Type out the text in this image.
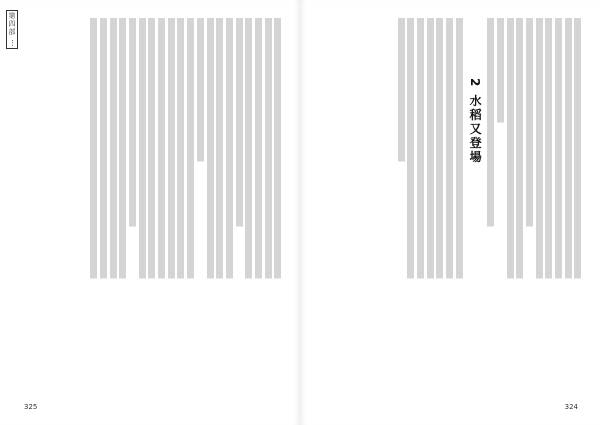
第四部 ⋯
325
2 水稻又登場
324
